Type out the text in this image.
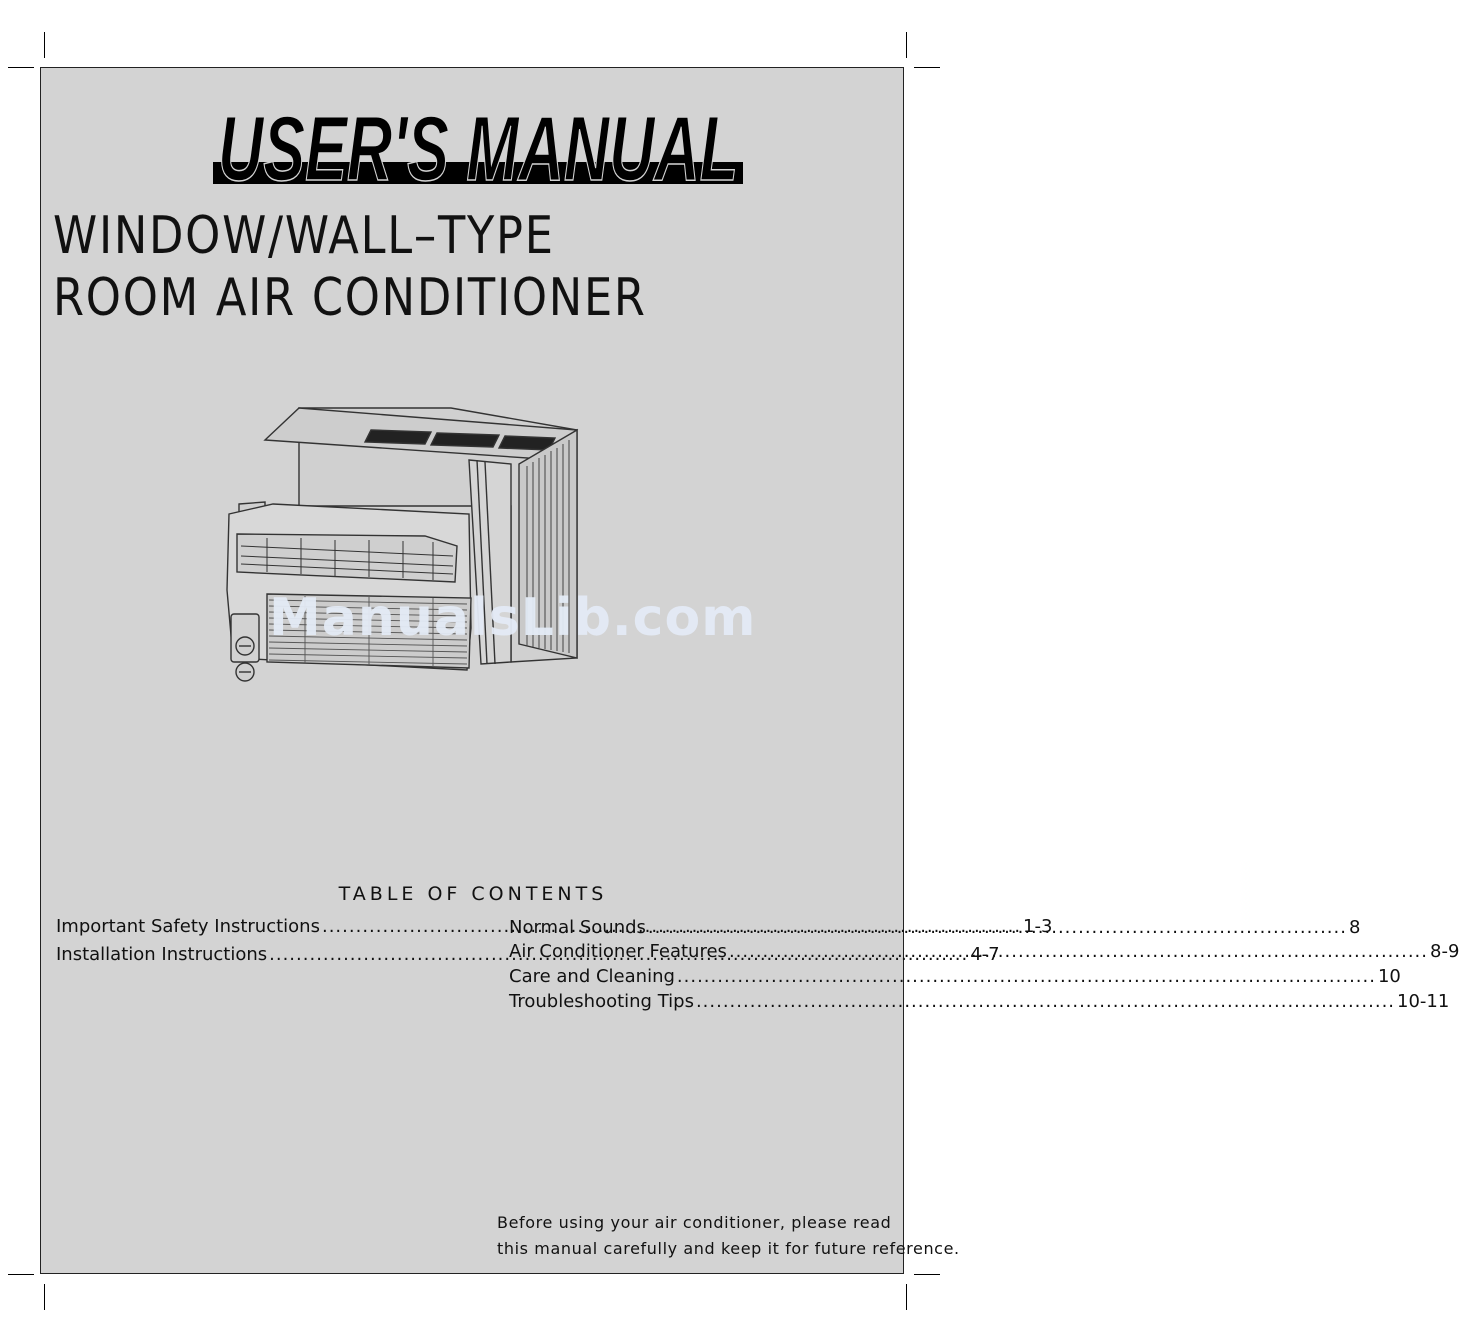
USER'S MANUAL
WINDOW/WALL–TYPE
ROOM AIR CONDITIONER
ManualsLib.com
TABLE OF CONTENTS
Important Safety Instructions .....	1-3
Installation Instructions .....	4-7
Normal Sounds .....	8
Air Conditioner Features .....	8-9
Care and Cleaning .....	10
Troubleshooting Tips .....	10-11
Before using your air conditioner, please read
this manual carefully and keep it for future reference.
